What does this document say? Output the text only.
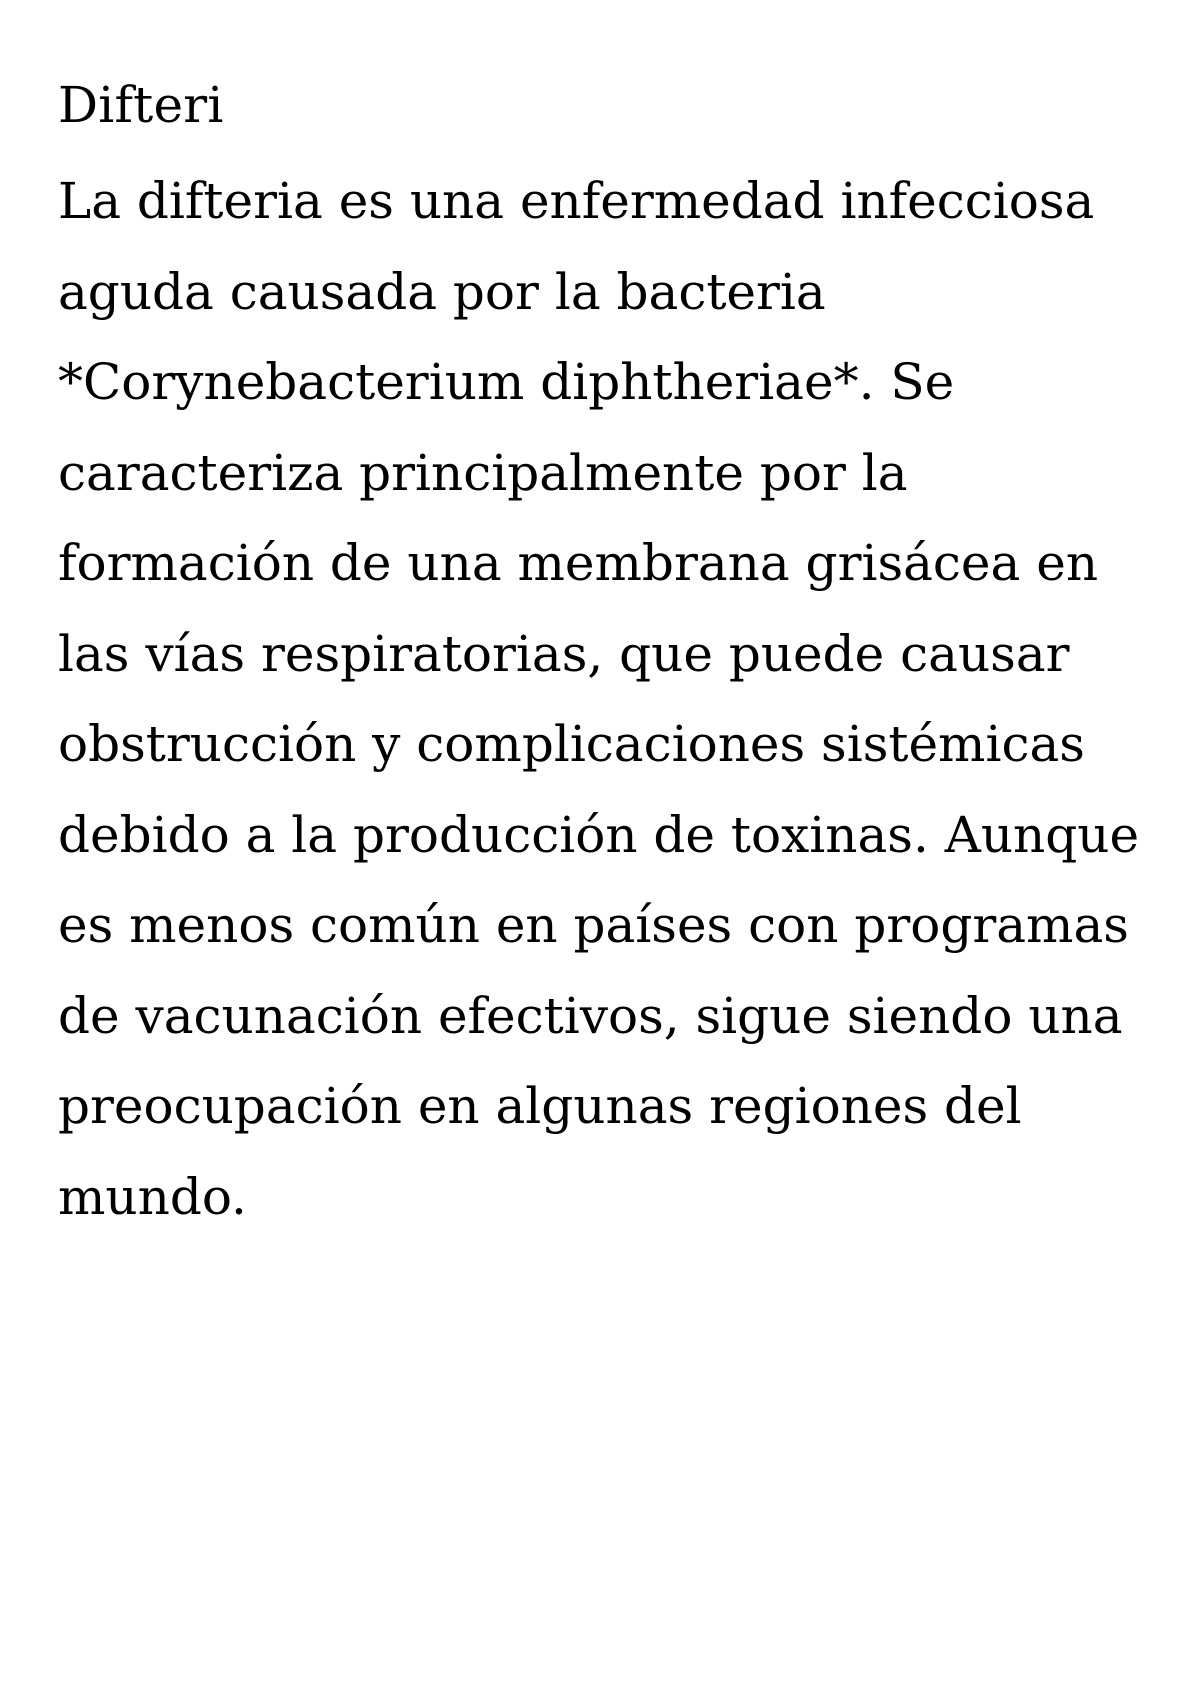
Difteri

La difteria es una enfermedad infecciosa aguda causada por la bacteria *Corynebacterium diphtheriae*. Se caracteriza principalmente por la formación de una membrana grisácea en las vías respiratorias, que puede causar obstrucción y complicaciones sistémicas debido a la producción de toxinas. Aunque es menos común en países con programas de vacunación efectivos, sigue siendo una preocupación en algunas regiones del mundo.
